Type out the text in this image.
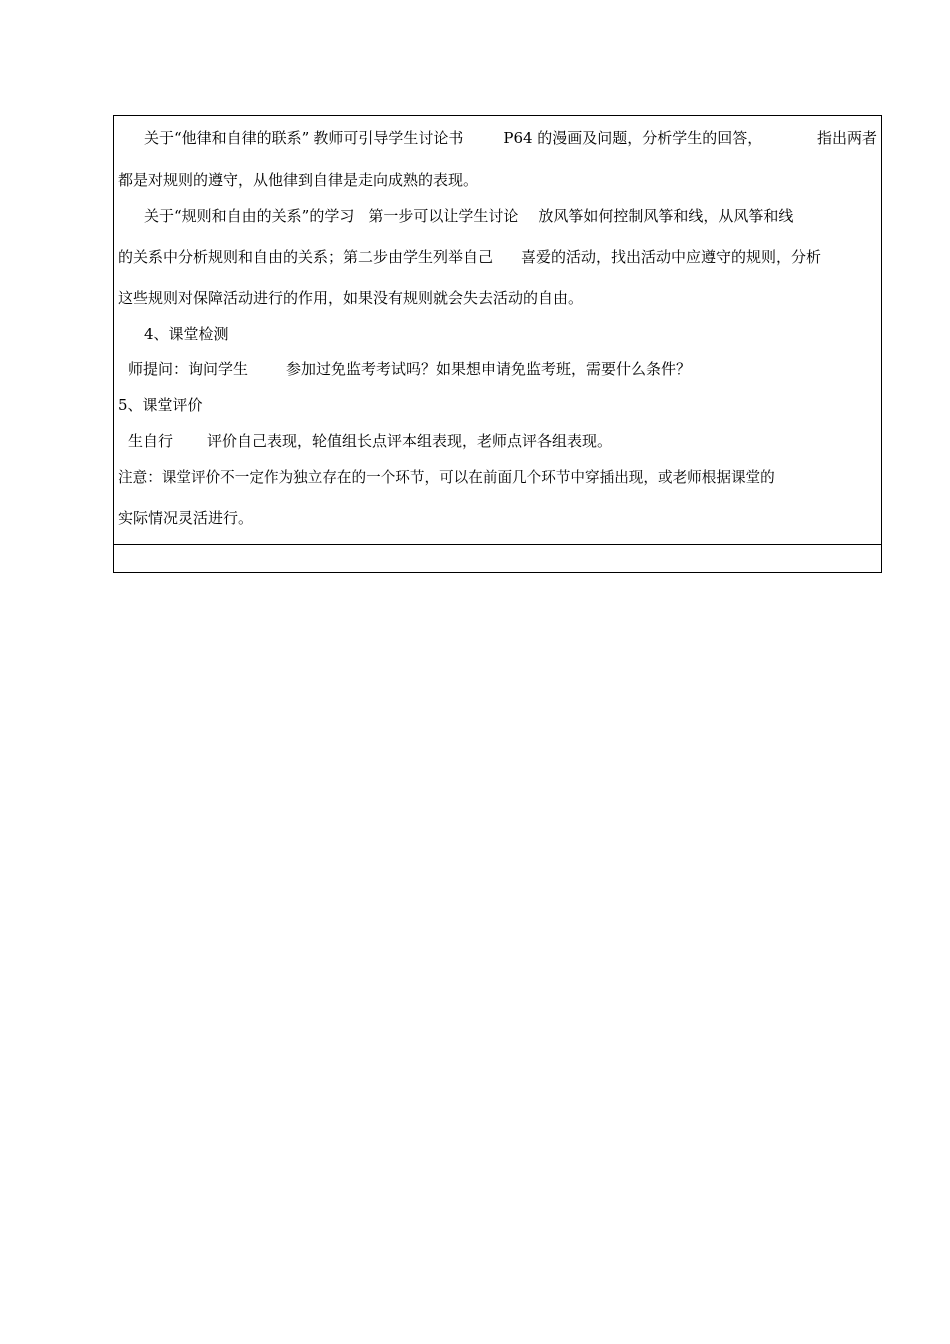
关于“他律和自律的联系” 教师可引导学生讨论书	P64 的漫画及问题，分析学生的回答，	指出两者
都是对规则的遵守，从他律到自律是走向成熟的表现。
关于“规则和自由的关系”的学习 第一步可以让学生讨论 放风筝如何控制风筝和线，从风筝和线
的关系中分析规则和自由的关系；第二步由学生列举自己 喜爱的活动，找出活动中应遵守的规则，分析
这些规则对保障活动进行的作用，如果没有规则就会失去活动的自由。
4、课堂检测
师提问：询问学生	参加过免监考考试吗？如果想申请免监考班，需要什么条件？
5、课堂评价
生自行 评价自己表现，轮值组长点评本组表现，老师点评各组表现。
注意：课堂评价不一定作为独立存在的一个环节，可以在前面几个环节中穿插出现，或老师根据课堂的
实际情况灵活进行。
